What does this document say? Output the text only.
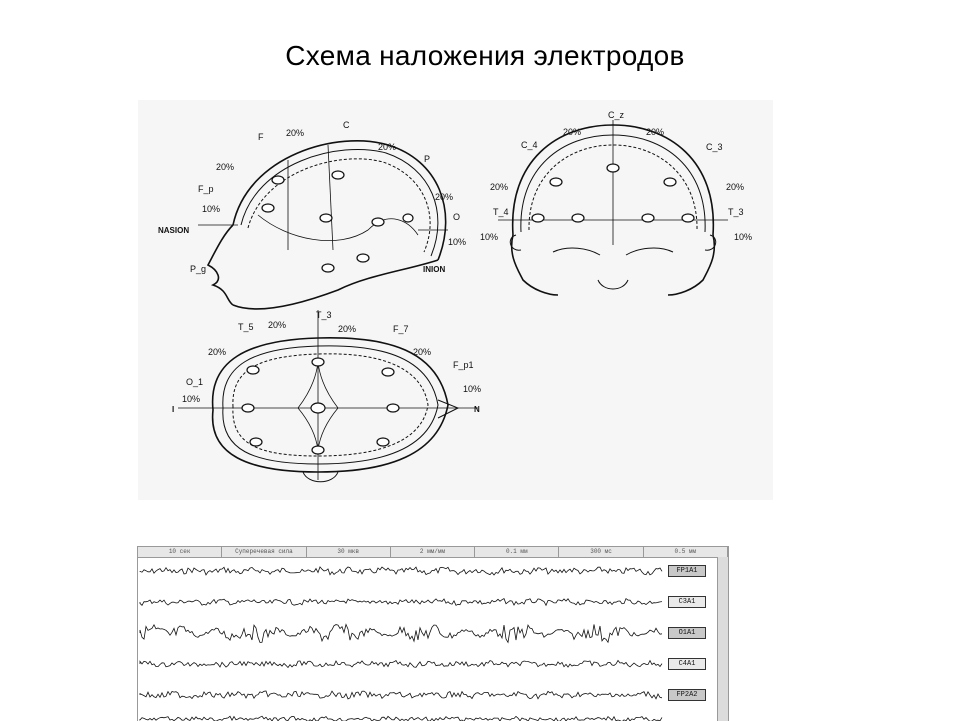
Схема наложения электродов
NASION
INION
F	20%
C
20%
P
20%
O
10%
20%
F_p
10%
P_g
C_z
C_4
20%	20%
C_3
20%	20%
T_4	T_3
10%	10%
T_3
T_5 20%	20%	F_7
20%
F_p1
20%
O_1
10%
10%
I	N
10 сек	Суперечевая сила	30 мкв	2 мм/мм	0.1 мм	300 мс	0.5 мм
FP1A1
C3A1
O1A1
C4A1
FP2A2
